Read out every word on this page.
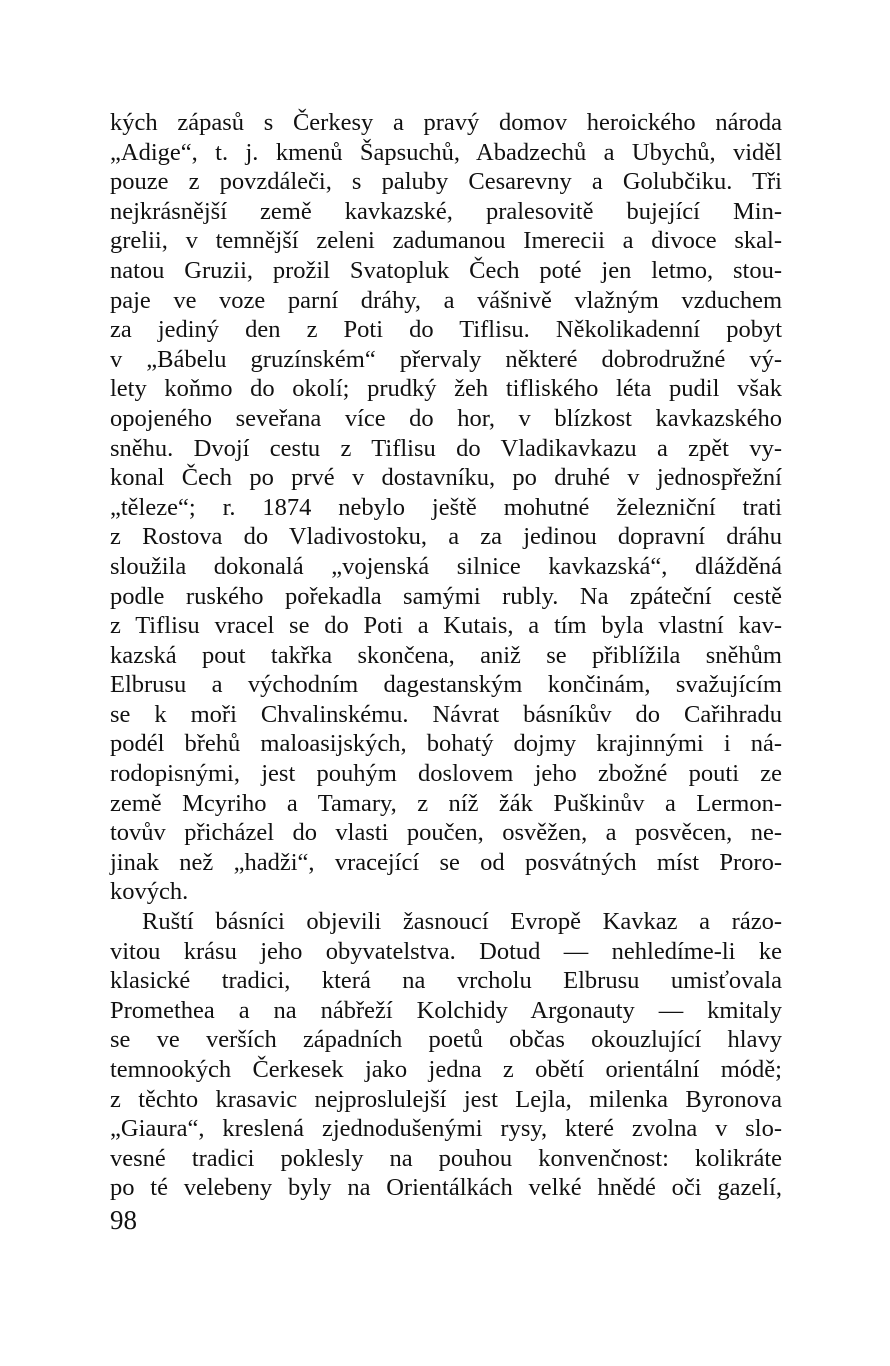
kých zápasů s Čerkesy a pravý domov heroického národa
„Adige“, t. j. kmenů Šapsuchů, Abadzechů a Ubychů, viděl
pouze z povzdáleči, s paluby Cesarevny a Golubčiku. Tři
nejkrásnější země kavkazské, pralesovitě bujející Min-
grelii, v temnější zeleni zadumanou Imerecii a divoce skal-
natou Gruzii, prožil Svatopluk Čech poté jen letmo, stou-
paje ve voze parní dráhy, a vášnivě vlažným vzduchem
za jediný den z Poti do Tiflisu. Několikadenní pobyt
v „Bábelu gruzínském“ přervaly některé dobrodružné vý-
lety koňmo do okolí; prudký žeh tifliského léta pudil však
opojeného seveřana více do hor, v blízkost kavkazského
sněhu. Dvojí cestu z Tiflisu do Vladikavkazu a zpět vy-
konal Čech po prvé v dostavníku, po druhé v jednospřežní
„těleze“; r. 1874 nebylo ještě mohutné železniční trati
z Rostova do Vladivostoku, a za jedinou dopravní dráhu
sloužila dokonalá „vojenská silnice kavkazská“, dlážděná
podle ruského pořekadla samými rubly. Na zpáteční cestě
z Tiflisu vracel se do Poti a Kutais, a tím byla vlastní kav-
kazská pout takřka skončena, aniž se přiblížila sněhům
Elbrusu a východním dagestanským končinám, svažujícím
se k moři Chvalinskému. Návrat básníkův do Cařihradu
podél břehů maloasijských, bohatý dojmy krajinnými i ná-
rodopisnými, jest pouhým doslovem jeho zbožné pouti ze
země Mcyriho a Tamary, z níž žák Puškinův a Lermon-
tovův přicházel do vlasti poučen, osvěžen, a posvěcen, ne-
jinak než „hadži“, vracející se od posvátných míst Proro-
kových.
Ruští básníci objevili žasnoucí Evropě Kavkaz a rázo-
vitou krásu jeho obyvatelstva. Dotud — nehledíme-li ke
klasické tradici, která na vrcholu Elbrusu umisťovala
Promethea a na nábřeží Kolchidy Argonauty — kmitaly
se ve verších západních poetů občas okouzlující hlavy
temnookých Čerkesek jako jedna z obětí orientální módě;
z těchto krasavic nejproslulejší jest Lejla, milenka Byronova
„Giaura“, kreslená zjednodušenými rysy, které zvolna v slo-
vesné tradici poklesly na pouhou konvenčnost: kolikráte
po té velebeny byly na Orientálkách velké hnědé oči gazelí,
98
